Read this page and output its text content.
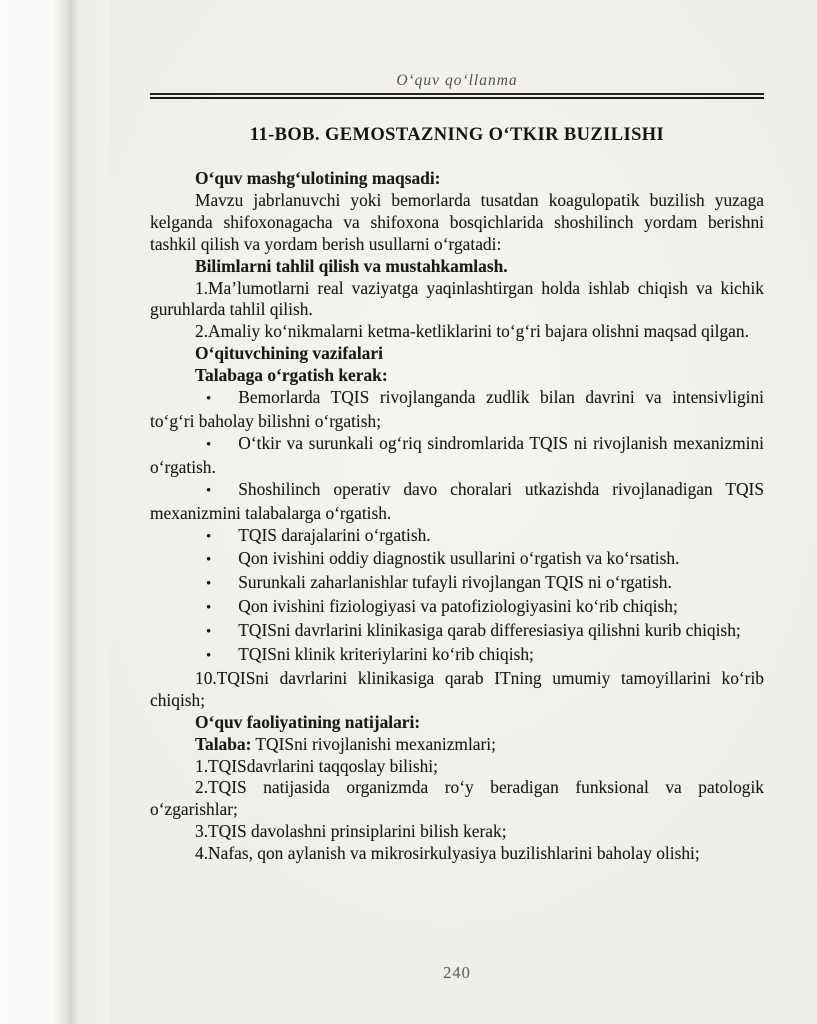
O‘quv qo‘llanma
11-BOB. GEMOSTAZNING O‘TKIR BUZILISHI

O‘quv mashg‘ulotining maqsadi:

Mavzu jabrlanuvchi yoki bemorlarda tusatdan koagulopatik buzilish yuzaga kelganda shifoxonagacha va shifoxona bosqichlarida shoshilinch yordam berishni tashkil qilish va yordam berish usullarni o‘rgatadi:

Bilimlarni tahlil qilish va mustahkamlash.

1.Ma’lumotlarni real vaziyatga yaqinlashtirgan holda ishlab chiqish va kichik guruhlarda tahlil qilish.

2.Amaliy ko‘nikmalarni ketma-ketliklarini to‘g‘ri bajara olishni maqsad qilgan.

O‘qituvchining vazifalari

Talabaga o‘rgatish kerak:

• Bemorlarda TQIS rivojlanganda zudlik bilan davrini va intensivligini to‘g‘ri baholay bilishni o‘rgatish;

• O‘tkir va surunkali og‘riq sindromlarida TQIS ni rivojlanish mexanizmini o‘rgatish.

• Shoshilinch operativ davo choralari utkazishda rivojlanadigan TQIS mexanizmini talabalarga o‘rgatish.

• TQIS darajalarini o‘rgatish.

• Qon ivishini oddiy diagnostik usullarini o‘rgatish va ko‘rsatish.

• Surunkali zaharlanishlar tufayli rivojlangan TQIS ni o‘rgatish.

• Qon ivishini fiziologiyasi va patofiziologiyasini ko‘rib chiqish;

• TQISni davrlarini klinikasiga qarab differesiasiya qilishni kurib chiqish;

• TQISni klinik kriteriylarini ko‘rib chiqish;

10.TQISni davrlarini klinikasiga qarab ITning umumiy tamoyillarini ko‘rib chiqish;

O‘quv faoliyatining natijalari:

Talaba: TQISni rivojlanishi mexanizmlari;

1.TQISdavrlarini taqqoslay bilishi;

2.TQIS natijasida organizmda ro‘y beradigan funksional va patologik o‘zgarishlar;

3.TQIS davolashni prinsiplarini bilish kerak;

4.Nafas, qon aylanish va mikrosirkulyasiya buzilishlarini baholay olishi;

240
